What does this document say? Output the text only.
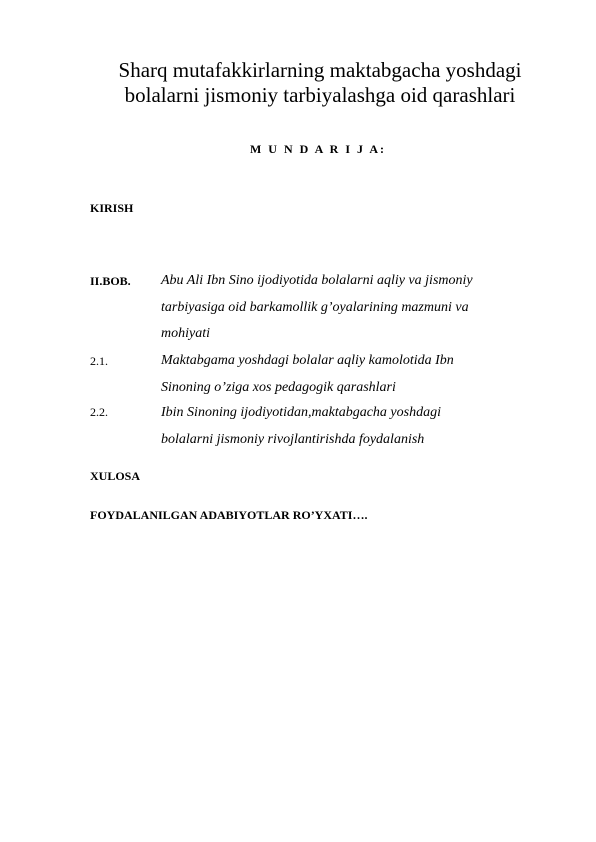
Sharq mutafakkirlarning maktabgacha yoshdagi bolalarni jismoniy tarbiyalashga oid qarashlari
M U N D A R I J A:
KIRISH
II.BOB. Abu Ali Ibn Sino ijodiyotida bolalarni aqliy va jismoniy tarbiyasiga oid barkamollik g’oyalarining mazmuni va mohiyati
2.1.	Maktabgama yoshdagi bolalar aqliy kamolotida Ibn Sinoning o’ziga xos pedagogik qarashlari
2.2.	Ibin Sinoning ijodiyotidan,maktabgacha yoshdagi bolalarni jismoniy rivojlantirishda foydalanish
XULOSA
FOYDALANILGAN ADABIYOTLAR RO’YXATI….
